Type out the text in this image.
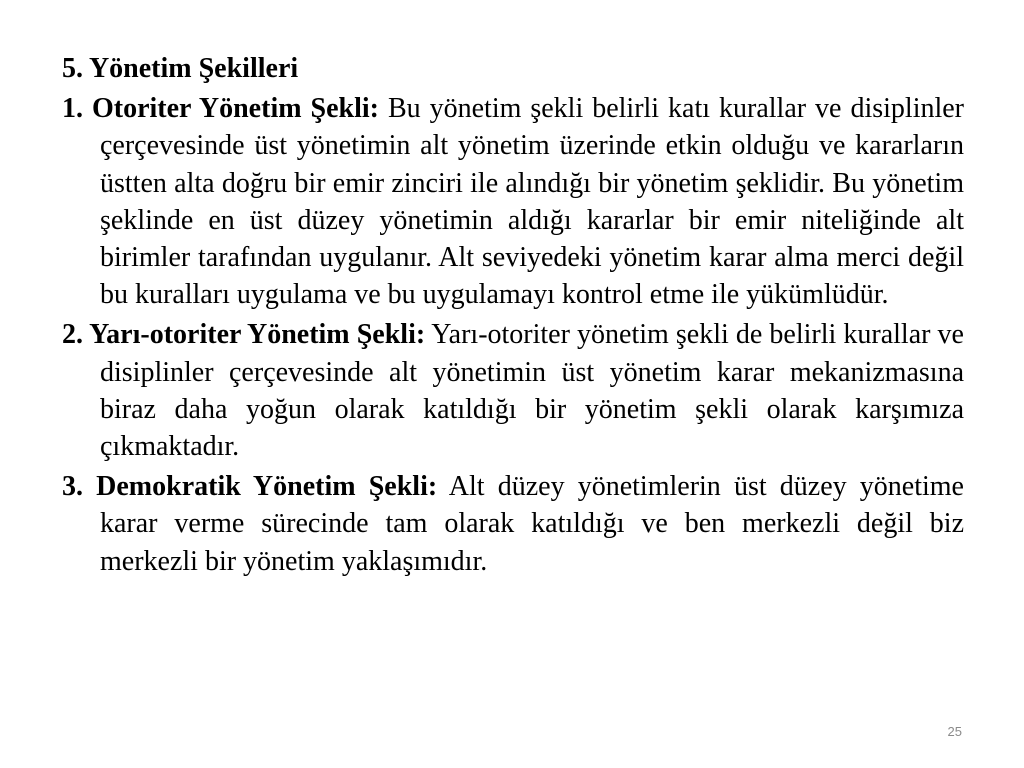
5. Yönetim Şekilleri

1. Otoriter Yönetim Şekli: Bu yönetim şekli belirli katı kurallar ve disiplinler çerçevesinde üst yönetimin alt yönetim üzerinde etkin olduğu ve kararların üstten alta doğru bir emir zinciri ile alındığı bir yönetim şeklidir. Bu yönetim şeklinde en üst düzey yönetimin aldığı kararlar bir emir niteliğinde alt birimler tarafından uygulanır. Alt seviyedeki yönetim karar alma merci değil bu kuralları uygulama ve bu uygulamayı kontrol etme ile yükümlüdür.

2. Yarı-otoriter Yönetim Şekli: Yarı-otoriter yönetim şekli de belirli kurallar ve disiplinler çerçevesinde alt yönetimin üst yönetim karar mekanizmasına biraz daha yoğun olarak katıldığı bir yönetim şekli olarak karşımıza çıkmaktadır.

3. Demokratik Yönetim Şekli: Alt düzey yönetimlerin üst düzey yönetime karar verme sürecinde tam olarak katıldığı ve ben merkezli değil biz merkezli bir yönetim yaklaşımıdır.

25
